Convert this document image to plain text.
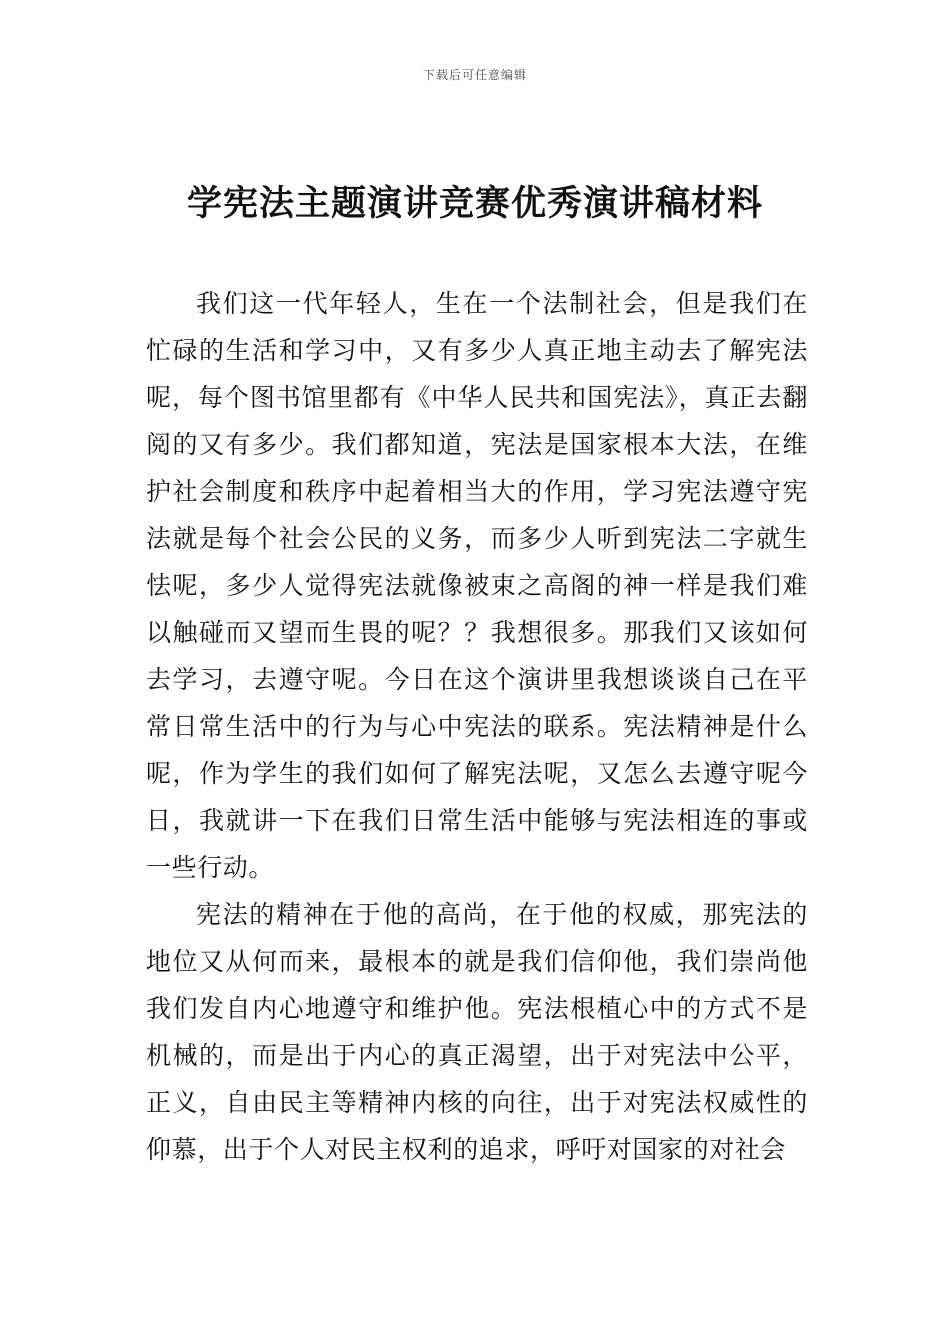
下载后可任意编辑
学宪法主题演讲竞赛优秀演讲稿材料

我们这一代年轻人，生在一个法制社会，但是我们在忙碌的生活和学习中，又有多少人真正地主动去了解宪法呢，每个图书馆里都有《中华人民共和国宪法》，真正去翻阅的又有多少。我们都知道，宪法是国家根本大法，在维护社会制度和秩序中起着相当大的作用，学习宪法遵守宪法就是每个社会公民的义务，而多少人听到宪法二字就生怯呢，多少人觉得宪法就像被束之高阁的神一样是我们难以触碰而又望而生畏的呢？？我想很多。那我们又该如何去学习，去遵守呢。今日在这个演讲里我想谈谈自己在平常日常生活中的行为与心中宪法的联系。宪法精神是什么呢，作为学生的我们如何了解宪法呢，又怎么去遵守呢今日，我就讲一下在我们日常生活中能够与宪法相连的事或一些行动。

宪法的精神在于他的高尚，在于他的权威，那宪法的地位又从何而来，最根本的就是我们信仰他，我们崇尚他我们发自内心地遵守和维护他。宪法根植心中的方式不是机械的，而是出于内心的真正渴望，出于对宪法中公平，正义，自由民主等精神内核的向往，出于对宪法权威性的仰慕，出于个人对民主权利的追求，呼吁对国家的对社会
